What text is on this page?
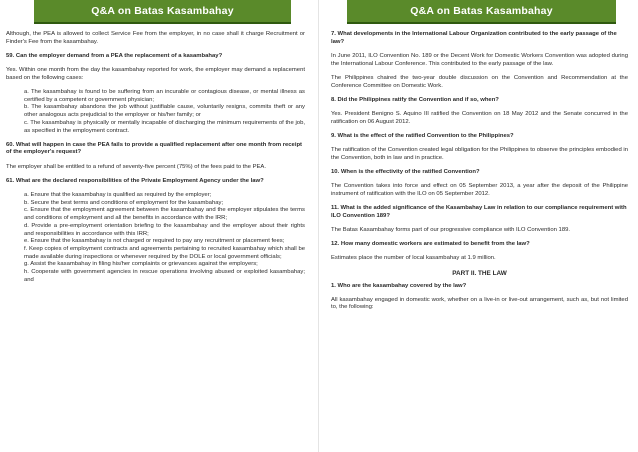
Q&A on Batas Kasambahay

Although, the PEA is allowed to collect Service Fee from the employer, in no case shall it charge Recruitment or Finder's Fee from the kasambahay.

59. Can the employer demand from a PEA the replacement of a kasambahay?

Yes. Within one month from the day the kasambahay reported for work, the employer may demand a replacement based on the following cases:

a. The kasambahay is found to be suffering from an incurable or contagious disease, or mental illness as certified by a competent or government physician;
b. The kasambahay abandons the job without justifiable cause, voluntarily resigns, commits theft or any other analogous acts prejudicial to the employer or his/her family; or
c. The kasambahay is physically or mentally incapable of discharging the minimum requirements of the job, as specified in the employment contract.

60. What will happen in case the PEA fails to provide a qualified replacement after one month from receipt of the employer's request?

The employer shall be entitled to a refund of seventy-five percent (75%) of the fees paid to the PEA.

61. What are the declared responsibilities of the Private Employment Agency under the law?

a. Ensure that the kasambahay is qualified as required by the employer;
b. Secure the best terms and conditions of employment for the kasambahay;
c. Ensure that the employment agreement between the kasambahay and the employer stipulates the terms and conditions of employment and all the benefits in accordance with the IRR;
d. Provide a pre-employment orientation briefing to the kasambahay and the employer about their rights and responsibilities in accordance with this IRR;
e. Ensure that the kasambahay is not charged or required to pay any recruitment or placement fees;
f. Keep copies of employment contracts and agreements pertaining to recruited kasambahay which shall be made available during inspections or whenever required by the DOLE or local government officials;
g. Assist the kasambahay in filing his/her complaints or grievances against the employers;
h. Cooperate with government agencies in rescue operations involving abused or exploited kasambahay; and
Q&A on Batas Kasambahay

7. What developments in the International Labour Organization contributed to the early passage of the law?

In June 2011, ILO Convention No. 189 or the Decent Work for Domestic Workers Convention was adopted during the International Labour Conference. This contributed to the early passage of the law.

The Philippines chaired the two-year double discussion on the Convention and Recommendation at the Conference Committee on Domestic Work.

8. Did the Philippines ratify the Convention and if so, when?

Yes. President Benigno S. Aquino III ratified the Convention on 18 May 2012 and the Senate concurred in the ratification on 06 August 2012.

9. What is the effect of the ratified Convention to the Philippines?

The ratification of the Convention created legal obligation for the Philippines to observe the principles embodied in the Convention, both in law and in practice.

10. When is the effectivity of the ratified Convention?

The Convention takes into force and effect on 05 September 2013, a year after the deposit of the Philippine instrument of ratification with the ILO on 05 September 2012.

11. What is the added significance of the Kasambahay Law in relation to our compliance requirement with ILO Convention 189?

The Batas Kasambahay forms part of our progressive compliance with ILO Convention 189.

12. How many domestic workers are estimated to benefit from the law?

Estimates place the number of local kasambahay at 1.9 million.

PART II. THE LAW

1. Who are the kasambahay covered by the law?

All kasambahay engaged in domestic work, whether on a live-in or live-out arrangement, such as, but not limited to, the following:
